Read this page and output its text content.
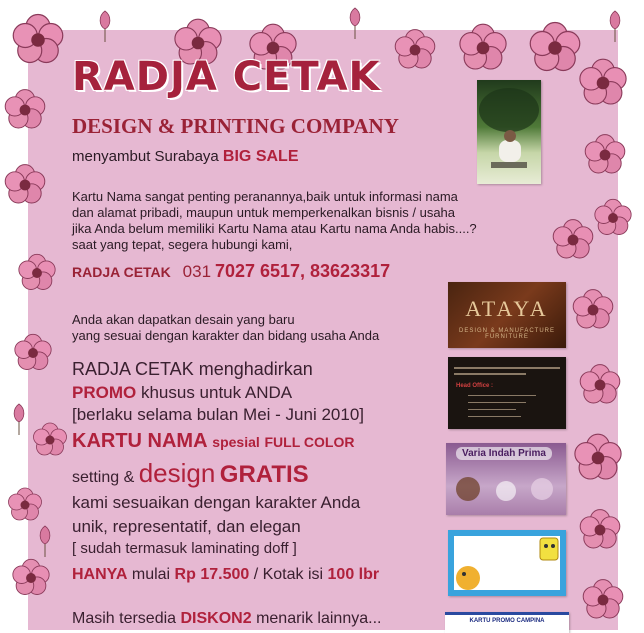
RADJA CETAK
DESIGN & PRINTING COMPANY
menyambut Surabaya BIG SALE
Kartu Nama sangat penting peranannya,baik untuk informasi nama
dan alamat pribadi, maupun untuk memperkenalkan bisnis / usaha
jika Anda belum memiliki Kartu Nama atau Kartu nama Anda habis....?
saat yang tepat, segera hubungi kami,
RADJA CETAK 031 7027 6517, 83623317
Anda akan dapatkan desain yang baru
yang sesuai dengan karakter dan bidang usaha Anda
RADJA CETAK menghadirkan
PROMO khusus untuk ANDA
[berlaku selama bulan Mei - Juni 2010]
KARTU NAMA spesial FULL COLOR
setting & design GRATIS
kami sesuaikan dengan karakter Anda
unik, representatif, dan elegan
[ sudah termasuk laminating doff ]
HANYA mulai Rp 17.500 / Kotak isi 100 lbr
Masih tersedia DISKON2 menarik lainnya...
ATAYA
DESIGN & MANUFACTURE FURNITURE
Head Office :
Varia Indah Prima
KARTU PROMO CAMPINA
